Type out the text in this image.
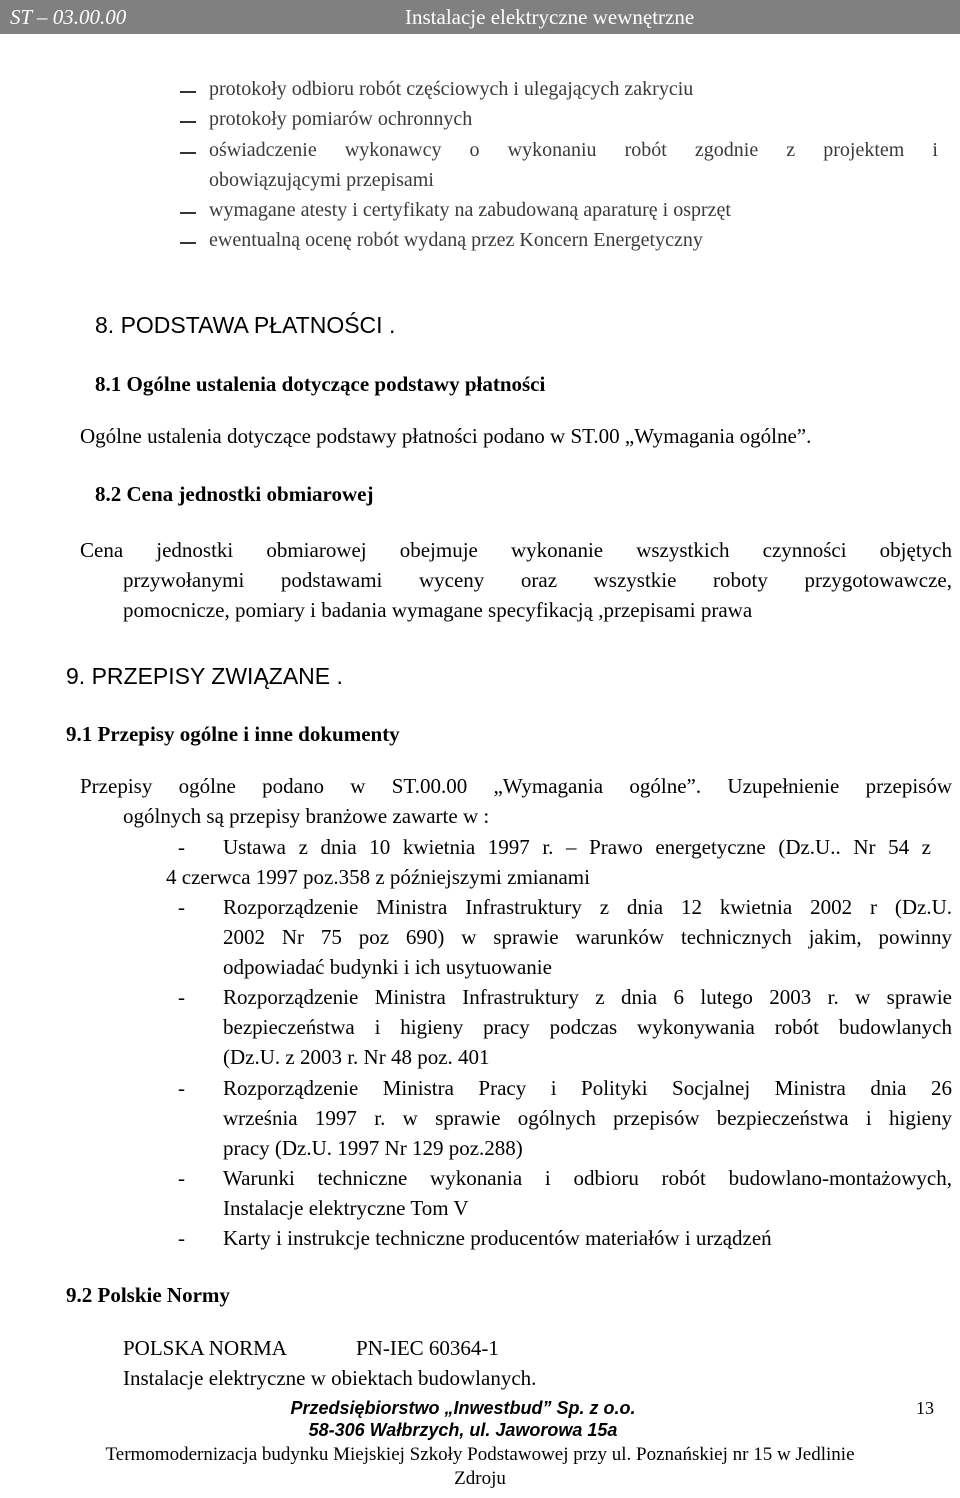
ST – 03.00.00	Instalacje elektryczne wewnętrzne
protokoły odbioru robót częściowych i ulegających zakryciu
protokoły pomiarów ochronnych
oświadczenie wykonawcy o wykonaniu robót zgodnie z projektem i
obowiązującymi przepisami
wymagane atesty i certyfikaty na zabudowaną aparaturę i osprzęt
ewentualną ocenę robót wydaną przez Koncern Energetyczny
8. PODSTAWA PŁATNOŚCI .
8.1 Ogólne ustalenia dotyczące podstawy płatności
Ogólne ustalenia dotyczące podstawy płatności podano w ST.00 „Wymagania ogólne”.
8.2 Cena jednostki obmiarowej
Cena jednostki obmiarowej obejmuje wykonanie wszystkich czynności objętych
przywołanymi podstawami wyceny oraz wszystkie roboty przygotowawcze,
pomocnicze, pomiary i badania wymagane specyfikacją ,przepisami prawa
9. PRZEPISY ZWIĄZANE .
9.1 Przepisy ogólne i inne dokumenty
Przepisy ogólne podano w ST.00.00 „Wymagania ogólne”. Uzupełnienie przepisów
ogólnych są przepisy branżowe zawarte w :
- Ustawa z dnia 10 kwietnia 1997 r. – Prawo energetyczne (Dz.U.. Nr 54 z
4 czerwca 1997 poz.358 z późniejszymi zmianami
- Rozporządzenie Ministra Infrastruktury z dnia 12 kwietnia 2002 r (Dz.U.
2002 Nr 75 poz 690) w sprawie warunków technicznych jakim, powinny
odpowiadać budynki i ich usytuowanie
- Rozporządzenie Ministra Infrastruktury z dnia 6 lutego 2003 r. w sprawie
bezpieczeństwa i higieny pracy podczas wykonywania robót budowlanych
(Dz.U. z 2003 r. Nr 48 poz. 401
- Rozporządzenie Ministra Pracy i Polityki Socjalnej Ministra dnia 26
września 1997 r. w sprawie ogólnych przepisów bezpieczeństwa i higieny
pracy (Dz.U. 1997 Nr 129 poz.288)
- Warunki techniczne wykonania i odbioru robót budowlano-montażowych,
Instalacje elektryczne Tom V
- Karty i instrukcje techniczne producentów materiałów i urządzeń
9.2 Polskie Normy
POLSKA NORMA	PN-IEC 60364-1
Instalacje elektryczne w obiektach budowlanych.
Przedsiębiorstwo „Inwestbud” Sp. z o.o.	13
58-306 Wałbrzych, ul. Jaworowa 15a
Termomodernizacja budynku Miejskiej Szkoły Podstawowej przy ul. Poznańskiej nr 15 w Jedlinie
Zdroju
